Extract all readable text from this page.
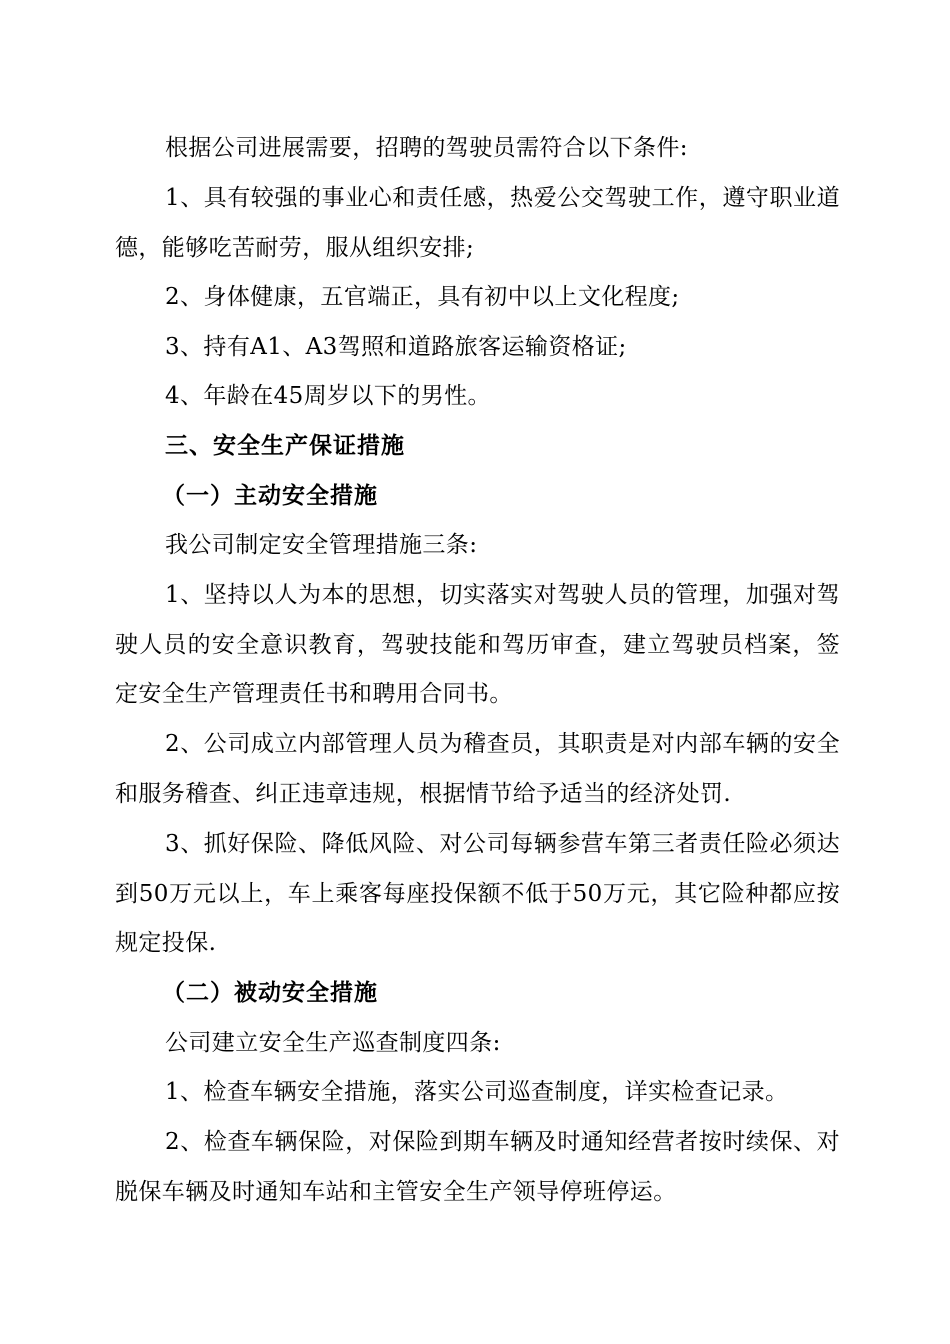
根据公司进展需要，招聘的驾驶员需符合以下条件:

1、具有较强的事业心和责任感，热爱公交驾驶工作，遵守职业道德，能够吃苦耐劳，服从组织安排;

2、身体健康，五官端正，具有初中以上文化程度;

3、持有A1、A3驾照和道路旅客运输资格证;

4、年龄在45周岁以下的男性。

三、安全生产保证措施

（一）主动安全措施

我公司制定安全管理措施三条:

1、坚持以人为本的思想，切实落实对驾驶人员的管理，加强对驾驶人员的安全意识教育，驾驶技能和驾历审查，建立驾驶员档案，签定安全生产管理责任书和聘用合同书。

2、公司成立内部管理人员为稽查员，其职责是对内部车辆的安全和服务稽查、纠正违章违规，根据情节给予适当的经济处罚.

3、抓好保险、降低风险、对公司每辆参营车第三者责任险必须达到50万元以上，车上乘客每座投保额不低于50万元，其它险种都应按规定投保.

（二）被动安全措施

公司建立安全生产巡查制度四条:

1、检查车辆安全措施，落实公司巡查制度，详实检查记录。

2、检查车辆保险，对保险到期车辆及时通知经营者按时续保、对脱保车辆及时通知车站和主管安全生产领导停班停运。
